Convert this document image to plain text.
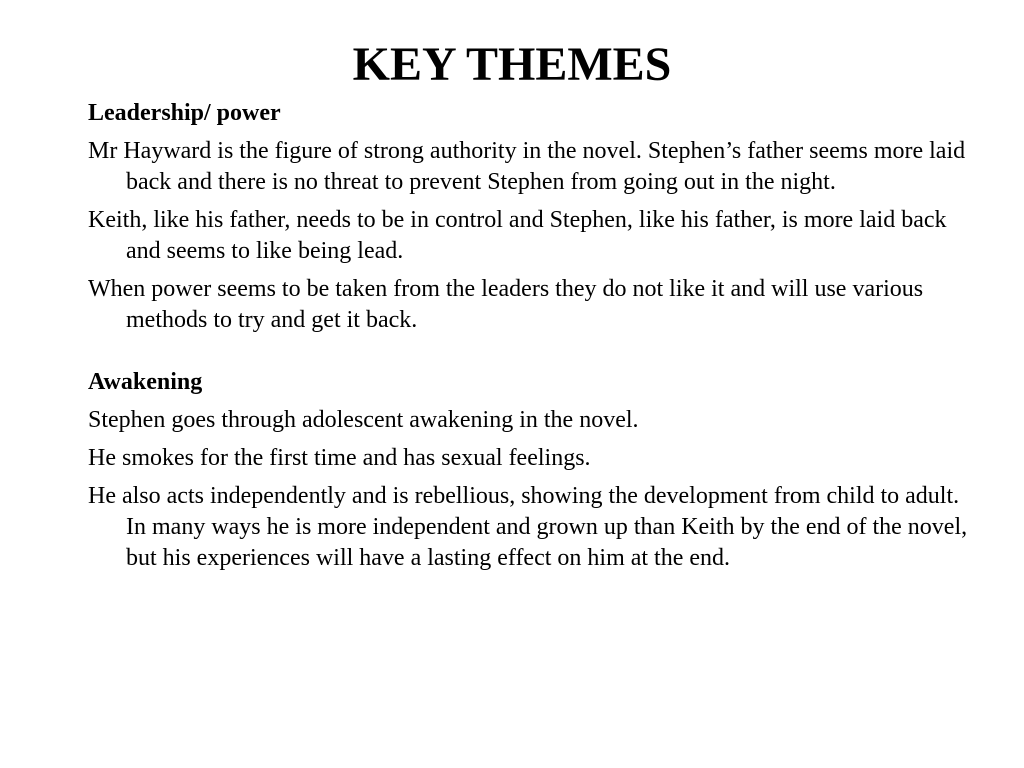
KEY THEMES
Leadership/ power
Mr Hayward is the figure of strong authority in the novel. Stephen’s father seems more laid back and there is no threat to prevent Stephen from going out in the night.
Keith, like his father, needs to be in control and Stephen, like his father, is more laid back and seems to like being lead.
When power seems to be taken from the leaders they do not like it and will use various methods to try and get it back.
Awakening
Stephen goes through adolescent awakening in the novel.
He smokes for the first time and has sexual feelings.
He also acts independently and is rebellious, showing the development from child to adult. In many ways he is more independent and grown up than Keith by the end of the novel, but his experiences will have a lasting effect on him at the end.
